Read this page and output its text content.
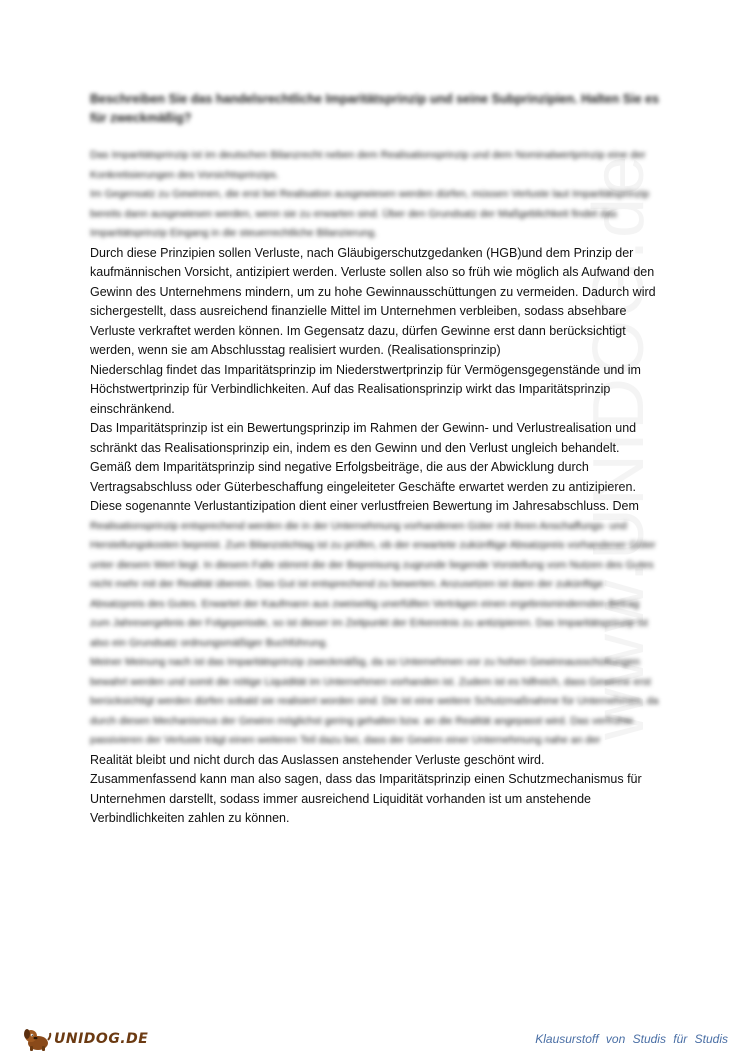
Beschreiben Sie das handelsrechtliche Imparitätsprinzip und seine Subprinzipien. Halten Sie es für zweckmäßig?

Das Imparitätsprinzip ist im deutschen Bilanzrecht neben dem Realisationsprinzip und dem Nominalwertprinzip eine der Konkretisierungen des Vorsichtsprinzips.

Im Gegensatz zu Gewinnen, die erst bei Realisation ausgewiesen werden dürfen, müssen Verluste laut Imparitätsprinzip bereits dann ausgewiesen werden, wenn sie zu erwarten sind. Über den Grundsatz der Maßgeblichkeit findet das Imparitätsprinzip Eingang in die steuerrechtliche Bilanzierung.

Durch diese Prinzipien sollen Verluste, nach Gläubigerschutzgedanken (HGB)und dem Prinzip der kaufmännischen Vorsicht, antizipiert werden. Verluste sollen also so früh wie möglich als Aufwand den Gewinn des Unternehmens mindern, um zu hohe Gewinnausschüttungen zu vermeiden. Dadurch wird sichergestellt, dass ausreichend finanzielle Mittel im Unternehmen verbleiben, sodass absehbare Verluste verkraftet werden können. Im Gegensatz dazu, dürfen Gewinne erst dann berücksichtigt werden, wenn sie am Abschlusstag realisiert wurden. (Realisationsprinzip)

Niederschlag findet das Imparitätsprinzip im Niederstwertprinzip für Vermögensgegenstände und im Höchstwertprinzip für Verbindlichkeiten. Auf das Realisationsprinzip wirkt das Imparitätsprinzip einschränkend.

Das Imparitätsprinzip ist ein Bewertungsprinzip im Rahmen der Gewinn- und Verlustrealisation und schränkt das Realisationsprinzip ein, indem es den Gewinn und den Verlust ungleich behandelt.

Gemäß dem Imparitätsprinzip sind negative Erfolgsbeiträge, die aus der Abwicklung durch Vertragsabschluss oder Güterbeschaffung eingeleiteter Geschäfte erwartet werden zu antizipieren.

Diese sogenannte Verlustantizipation dient einer verlustfreien Bewertung im Jahresabschluss. Dem

Realisationsprinzip entsprechend werden die in der Unternehmung vorhandenen Güter mit ihren Anschaffungs- und Herstellungskosten bepreist. Zum Bilanzstichtag ist zu prüfen, ob der erwartete zukünftige Absatzpreis vorhandener Güter unter diesem Wert liegt. In diesem Falle stimmt die der Bepreisung zugrunde liegende Vorstellung vom Nutzen des Gutes nicht mehr mit der Realität überein. Das Gut ist entsprechend zu bewerten. Anzusetzen ist dann der zukünftige Absatzpreis des Gutes. Erwartet der Kaufmann aus zweiseitig unerfüllten Verträgen einen ergebnismindernden Betrag zum Jahresergebnis der Folgeperiode, so ist dieser im Zeitpunkt der Erkenntnis zu antizipieren. Das Imparitätsprinzip ist also ein Grundsatz ordnungsmäßiger Buchführung.

Meiner Meinung nach ist das Imparitätsprinzip zweckmäßig, da so Unternehmen vor zu hohen Gewinnausschüttungen bewahrt werden und somit die nötige Liquidität im Unternehmen vorhanden ist. Zudem ist es hilfreich, dass Gewinne erst berücksichtigt werden dürfen sobald sie realisiert worden sind. Die ist eine weitere Schutzmaßnahme für Unternehmen, da durch diesen Mechanismus der Gewinn möglichst gering gehalten bzw. an die Realität angepasst wird. Das verfrühte passivieren der Verluste trägt einen weiteren Teil dazu bei, dass der Gewinn einer Unternehmung nahe an der

Realität bleibt und nicht durch das Auslassen anstehender Verluste geschönt wird.

Zusammenfassend kann man also sagen, dass das Imparitätsprinzip einen Schutzmechanismus für Unternehmen darstellt, sodass immer ausreichend Liquidität vorhanden ist um anstehende Verbindlichkeiten zahlen zu können.

UNIDOG.DE	Klausurstoff von Studis für Studis
